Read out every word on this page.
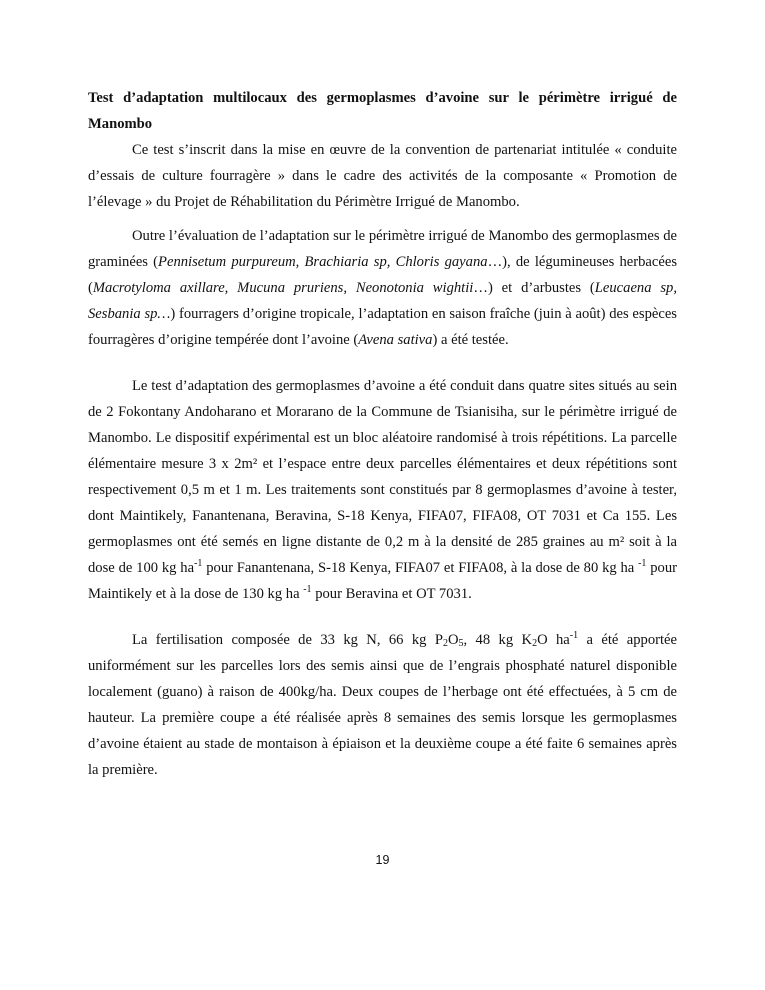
Test d’adaptation multilocaux des germoplasmes d’avoine sur le périmètre irrigué de
Manombo

Ce test s’inscrit dans la mise en œuvre de la convention de partenariat intitulée « conduite d’essais de culture fourragère » dans le cadre des activités de la composante « Promotion de l’élevage » du Projet de Réhabilitation du Périmètre Irrigué de Manombo.

Outre l’évaluation de l’adaptation sur le périmètre irrigué de Manombo des germoplasmes de graminées (Pennisetum purpureum, Brachiaria sp, Chloris gayana…), de légumineuses herbacées (Macrotyloma axillare, Mucuna pruriens, Neonotonia wightii…) et d’arbustes (Leucaena sp, Sesbania sp…) fourragers d’origine tropicale, l’adaptation en saison fraîche (juin à août) des espèces fourragères d’origine tempérée dont l’avoine (Avena sativa) a été testée.

Le test d’adaptation des germoplasmes d’avoine a été conduit dans quatre sites situés au sein de 2 Fokontany Andoharano et Morarano de la Commune de Tsianisiha, sur le périmètre irrigué de Manombo. Le dispositif expérimental est un bloc aléatoire randomisé à trois répétitions. La parcelle élémentaire mesure 3 x 2m² et l’espace entre deux parcelles élémentaires et deux répétitions sont respectivement 0,5 m et 1 m. Les traitements sont constitués par 8 germoplasmes d’avoine à tester, dont Maintikely, Fanantenana, Beravina, S-18 Kenya, FIFA07, FIFA08, OT 7031 et Ca 155. Les germoplasmes ont été semés en ligne distante de 0,2 m à la densité de 285 graines au m² soit à la dose de 100 kg $ha^{-1}$ pour Fanantenana, S-18 Kenya, FIFA07 et FIFA08, à la dose de 80 kg ha $^{-1}$ pour Maintikely et à la dose de 130 kg ha $^{-1}$ pour Beravina et OT 7031.

La fertilisation composée de 33 kg N, 66 kg $P_2O_5$, 48 kg $K_2O$ $ha^{-1}$ a été apportée uniformément sur les parcelles lors des semis ainsi que de l’engrais phosphaté naturel disponible localement (guano) à raison de 400kg/ha. Deux coupes de l’herbage ont été effectuées, à 5 cm de hauteur. La première coupe a été réalisée après 8 semaines des semis lorsque les germoplasmes d’avoine étaient au stade de montaison à épiaison et la deuxième coupe a été faite 6 semaines après la première.

19
